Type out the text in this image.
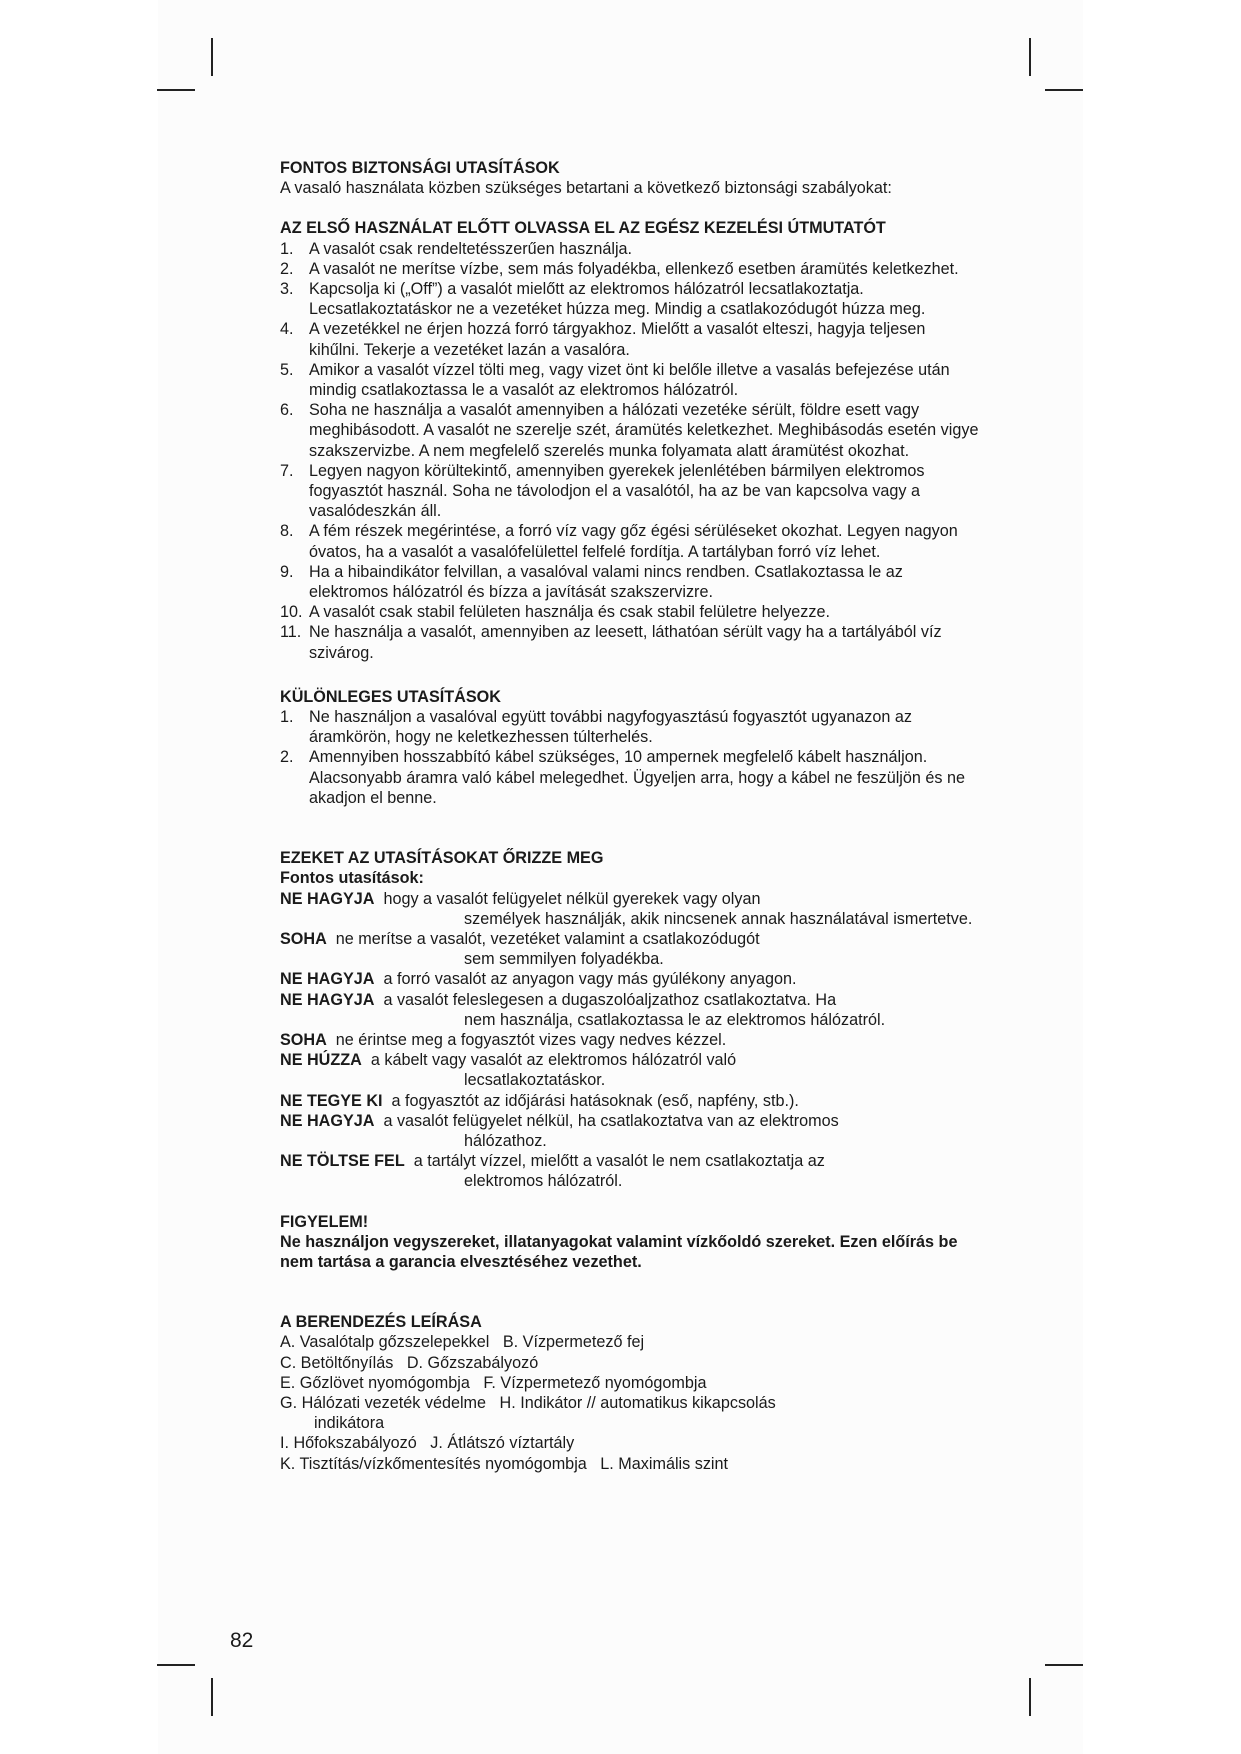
FONTOS BIZTONSÁGI UTASÍTÁSOK
A vasaló használata közben szükséges betartani a következő biztonsági szabályokat:
AZ ELSŐ HASZNÁLAT ELŐTT OLVASSA EL AZ EGÉSZ KEZELÉSI ÚTMUTATÓT
1. A vasalót csak rendeltetésszerűen használja.
2. A vasalót ne merítse vízbe, sem más folyadékba, ellenkező esetben áramütés keletkezhet.
3. Kapcsolja ki („Off”) a vasalót mielőtt az elektromos hálózatról lecsatlakoztatja. Lecsatlakoztatáskor ne a vezetéket húzza meg. Mindig a csatlakozódugót húzza meg.
4. A vezetékkel ne érjen hozzá forró tárgyakhoz. Mielőtt a vasalót elteszi, hagyja teljesen kihűlni. Tekerje a vezetéket lazán a vasalóra.
5. Amikor a vasalót vízzel tölti meg, vagy vizet önt ki belőle illetve a vasalás befejezése után mindig csatlakoztassa le a vasalót az elektromos hálózatról.
6. Soha ne használja a vasalót amennyiben a hálózati vezetéke sérült, földre esett vagy meghibásodott. A vasalót ne szerelje szét, áramütés keletkezhet. Meghibásodás esetén vigye szakszervizbe. A nem megfelelő szerelés munka folyamata alatt áramütést okozhat.
7. Legyen nagyon körültekintő, amennyiben gyerekek jelenlétében bármilyen elektromos fogyasztót használ. Soha ne távolodjon el a vasalótól, ha az be van kapcsolva vagy a vasalódeszkán áll.
8. A fém részek megérintése, a forró víz vagy gőz égési sérüléseket okozhat. Legyen nagyon óvatos, ha a vasalót a vasalófelülettel felfelé fordítja. A tartályban forró víz lehet.
9. Ha a hibaindikátor felvillan, a vasalóval valami nincs rendben. Csatlakoztassa le az elektromos hálózatról és bízza a javítását szakszervizre.
10. A vasalót csak stabil felületen használja és csak stabil felületre helyezze.
11. Ne használja a vasalót, amennyiben az leesett, láthatóan sérült vagy ha a tartályából víz szivárog.
KÜLÖNLEGES UTASÍTÁSOK
1. Ne használjon a vasalóval együtt további nagyfogyasztású fogyasztót ugyanazon az áramkörön, hogy ne keletkezhessen túlterhelés.
2. Amennyiben hosszabbító kábel szükséges, 10 ampernek megfelelő kábelt használjon. Alacsonyabb áramra való kábel melegedhet. Ügyeljen arra, hogy a kábel ne feszüljön és ne akadjon el benne.
EZEKET AZ UTASÍTÁSOKAT ŐRIZZE MEG
Fontos utasítások:
NE HAGYJA hogy a vasalót felügyelet nélkül gyerekek vagy olyan
személyek használják, akik nincsenek annak használatával ismertetve.
SOHA ne merítse a vasalót, vezetéket valamint a csatlakozódugót
sem semmilyen folyadékba.
NE HAGYJA a forró vasalót az anyagon vagy más gyúlékony anyagon.
NE HAGYJA a vasalót feleslegesen a dugaszolóaljzathoz csatlakoztatva. Ha
nem használja, csatlakoztassa le az elektromos hálózatról.
SOHA ne érintse meg a fogyasztót vizes vagy nedves kézzel.
NE HÚZZA a kábelt vagy vasalót az elektromos hálózatról való
lecsatlakoztatáskor.
NE TEGYE KI a fogyasztót az időjárási hatásoknak (eső, napfény, stb.).
NE HAGYJA a vasalót felügyelet nélkül, ha csatlakoztatva van az elektromos
hálózathoz.
NE TÖLTSE FEL a tartályt vízzel, mielőtt a vasalót le nem csatlakoztatja az
elektromos hálózatról.
FIGYELEM!
Ne használjon vegyszereket, illatanyagokat valamint vízkőoldó szereket. Ezen előírás be nem tartása a garancia elvesztéséhez vezethet.
A BERENDEZÉS LEÍRÁSA
A. Vasalótalp gőzszelepekkel   B. Vízpermetező fej
C. Betöltőnyílás   D. Gőzszabályozó
E. Gőzlövet nyomógombja   F. Vízpermetező nyomógombja
G. Hálózati vezeték védelme   H. Indikátor // automatikus kikapcsolás
indikátora
I. Hőfokszabályozó   J. Átlátszó víztartály
K. Tisztítás/vízkőmentesítés nyomógombja   L. Maximális szint
82
